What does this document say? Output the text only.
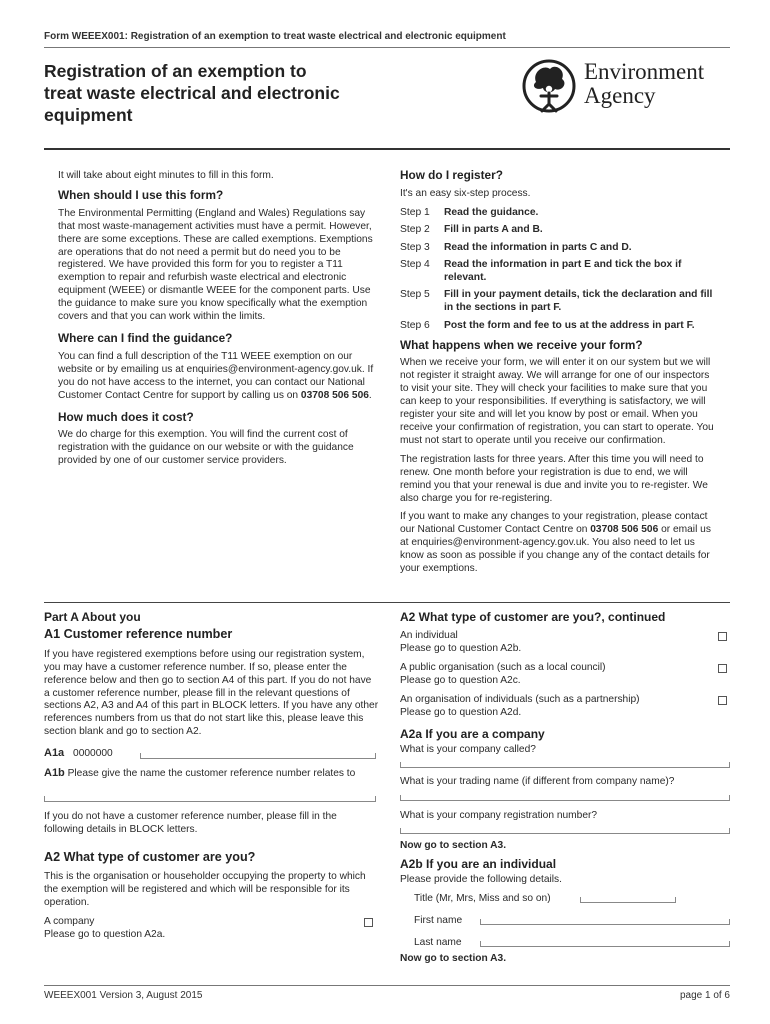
Form WEEEX001: Registration of an exemption to treat waste electrical and electronic equipment
Registration of an exemption to treat waste electrical and electronic equipment
Environment
Agency

It will take about eight minutes to fill in this form.

When should I use this form?

The Environmental Permitting (England and Wales) Regulations say that most waste-management activities must have a permit. However, there are some exceptions. These are called exemptions. Exemptions are operations that do not need a permit but do need you to be registered. We have provided this form for you to register a T11 exemption to repair and refurbish waste electrical and electronic equipment (WEEE) or dismantle WEEE for the component parts. Use the guidance to make sure you know specifically what the exemption covers and that you can work within the limits.

Where can I find the guidance?

You can find a full description of the T11 WEEE exemption on our website or by emailing us at enquiries@environment-agency.gov.uk. If you do not have access to the internet, you can contact our National Customer Contact Centre for support by calling us on 03708 506 506.

How much does it cost?

We do charge for this exemption. You will find the current cost of registration with the guidance on our website or with the guidance provided by one of our customer service providers.

How do I register?

It's an easy six-step process.

Step 1	Read the guidance.
Step 2	Fill in parts A and B.
Step 3	Read the information in parts C and D.
Step 4	Read the information in part E and tick the box if relevant.
Step 5	Fill in your payment details, tick the declaration and fill in the sections in part F.
Step 6	Post the form and fee to us at the address in part F.
What happens when we receive your form?

When we receive your form, we will enter it on our system but we will not register it straight away. We will arrange for one of our inspectors to visit your site. They will check your facilities to make sure that you can keep to your responsibilities. If everything is satisfactory, we will register your site and will let you know by post or email. When you receive your confirmation of registration, you can start to operate. You must not start to operate until you receive our confirmation.

The registration lasts for three years. After this time you will need to renew. One month before your registration is due to end, we will remind you that your renewal is due and invite you to re-register. We also charge you for re-registering.

If you want to make any changes to your registration, please contact our National Customer Contact Centre on 03708 506 506 or email us at enquiries@environment-agency.gov.uk. You also need to let us know as soon as possible if you change any of the contact details for your exemptions.

Part A About you
A1 Customer reference number

If you have registered exemptions before using our registration system, you may have a customer reference number. If so, please enter the reference below and then go to section A4 of this part. If you do not have a customer reference number, please fill in the relevant questions of sections A2, A3 and A4 of this part in BLOCK letters. If you have any other references numbers from us that do not start like this, please leave this section blank and go to section A2.

A1a 0000000
A1b Please give the name the customer reference number relates to

If you do not have a customer reference number, please fill in the following details in BLOCK letters.

A2 What type of customer are you?

This is the organisation or householder occupying the property to which the exemption will be registered and which will be responsible for its operation.

A company
Please go to question A2a.
A2 What type of customer are you?, continued
An individual
Please go to question A2b.
A public organisation (such as a local council)
Please go to question A2c.
An organisation of individuals (such as a partnership)
Please go to question A2d.
A2a If you are a company
What is your company called?
What is your trading name (if different from company name)?
What is your company registration number?

Now go to section A3.

A2b If you are an individual

Please provide the following details.

Title (Mr, Mrs, Miss and so on)
First name
Last name

Now go to section A3.

WEEEX001 Version 3, August 2015	page 1 of 6
